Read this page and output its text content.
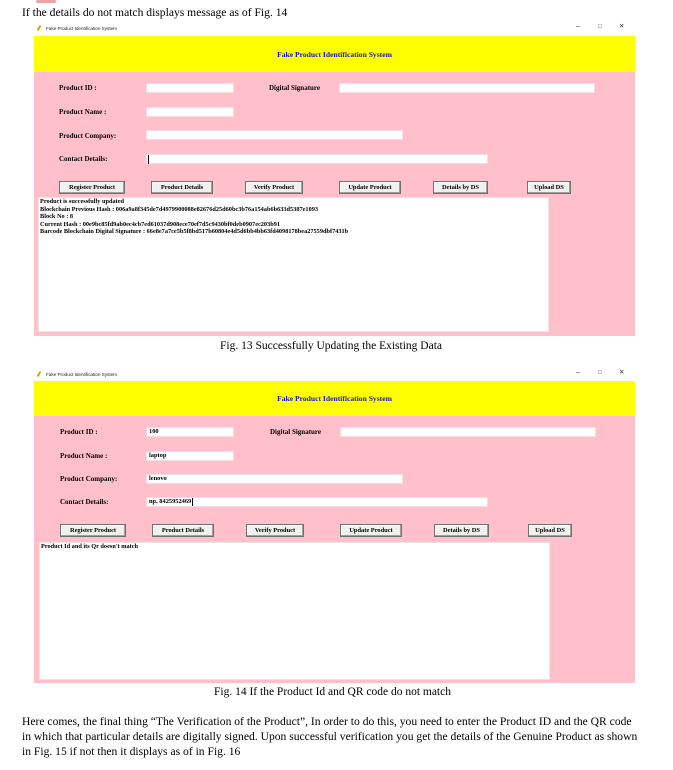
If the details do not match displays message as of Fig. 14
Fake Product Identification System	–	□	✕
Fake Product Identification System
Product ID :	Digital Signature
Product Name :
Product Company:
Contact Details:
Register Product	Product Details	Verify Product	Update Product	Details by DS	Upload DS
Product is successfully updated
Blockchain Previous Hash : 006a9a8f345de7d4979900088e82676d25d60bc3b76a154ab6b633d5387e1093
Block No : 8
Current Hash : 00e9bc85fd9ab0ec4cb7ed61037d908ece70ef7d5c9430bf0deb0907ec203b91
Barcode Blockchain Digital Signature : 66e8e7a7ce5b5f8bd517b60804e4d5d6bb4bb63fd4098178bea27559dbf7431b
Fig. 13 Successfully Updating the Existing Data
Fake Product Identification System	–	□	✕
Fake Product Identification System
Product ID :	100	Digital Signature
Product Name :	laptop
Product Company:	lenovo
Contact Details:	np, 8425952469
Register Product	Product Details	Verify Product	Update Product	Details by DS	Upload DS
Product Id and its Qr doesn't match
Fig. 14 If the Product Id and QR code do not match
Here comes, the final thing “The Verification of the Product”, In order to do this, you need to enter the Product ID and the QR code
in which that particular details are digitally signed. Upon successful verification you get the details of the Genuine Product as shown
in Fig. 15 if not then it displays as of in Fig. 16
